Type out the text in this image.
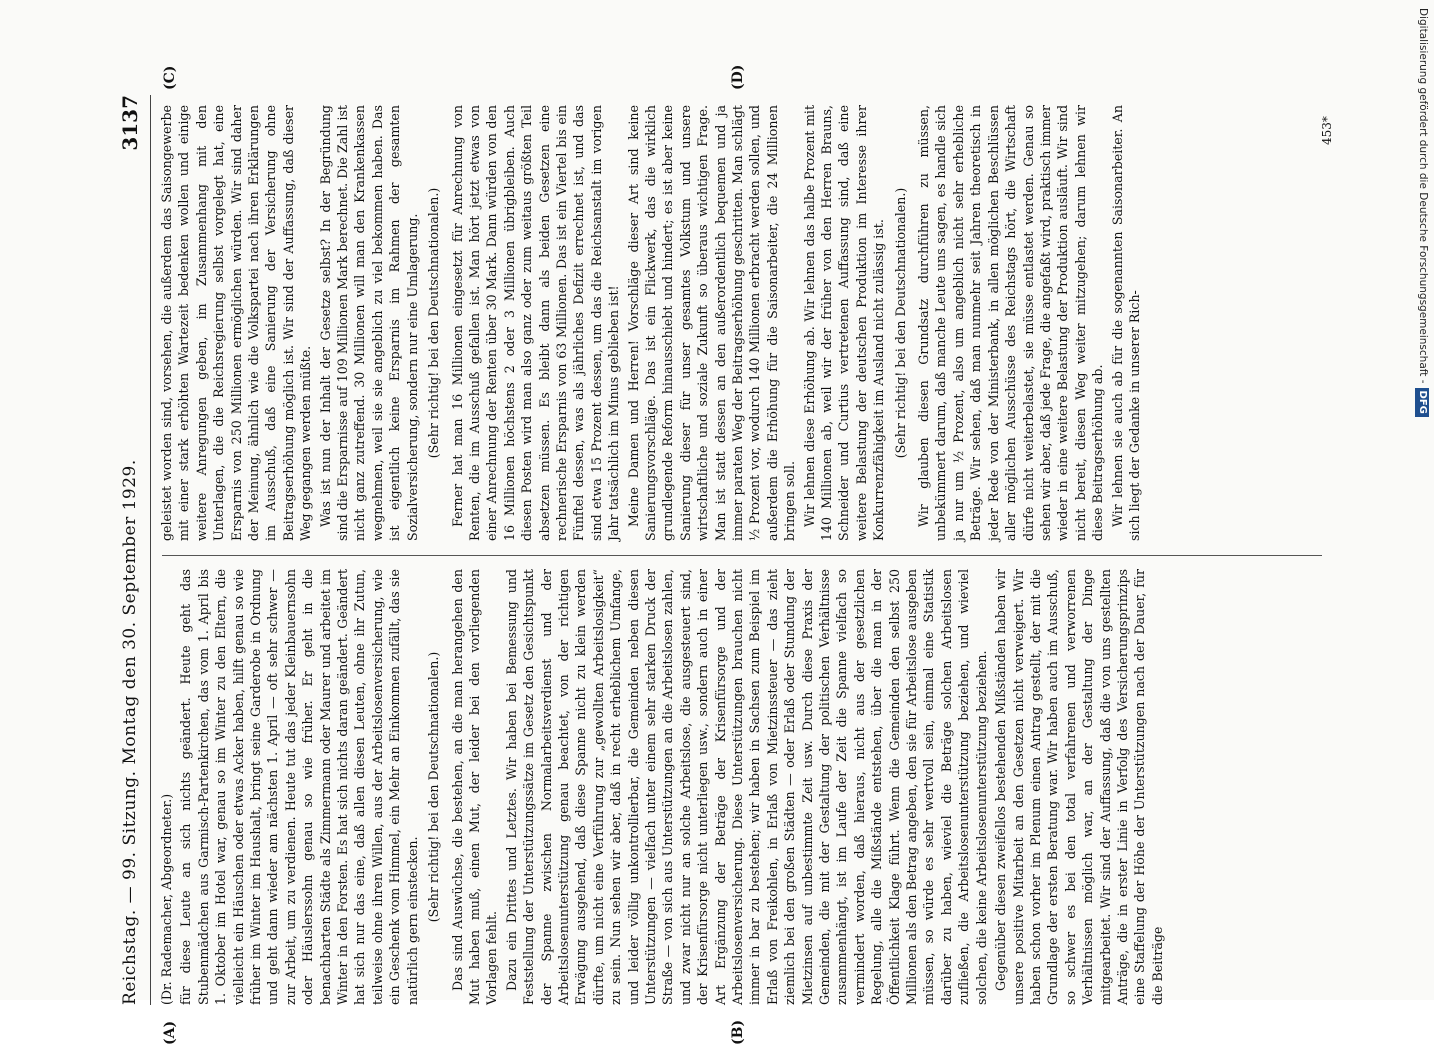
Reichstag. — 99. Sitzung. Montag den 30. September 1929.
3137
(A)	(B)
(C)	(D)

(Dr. Rademacher, Abgeordneter.) für diese Leute an sich nichts geändert. Heute geht das Stubenmädchen aus Garmisch-Partenkirchen, das vom 1. April bis 1. Oktober im Hotel war, genau so im Winter zu den Eltern, die vielleicht ein Häuschen oder etwas Acker haben, hilft genau so wie früher im Winter im Haushalt, bringt seine Garderobe in Ordnung und geht dann wieder am nächsten 1. April — oft sehr schwer — zur Arbeit, um zu verdienen. Heute tut das jeder Kleinbauernsohn oder Häuslerssohn genau so wie früher. Er geht in die benachbarten Städte als Zimmermann oder Maurer und arbeitet im Winter in den Forsten. Es hat sich nichts daran geändert. Geändert hat sich nur das eine, daß allen diesen Leuten, ohne ihr Zutun, teilweise ohne ihren Willen, aus der Arbeitslosenversicherung, wie ein Geschenk vom Himmel, ein Mehr an Einkommen zufällt, das sie natürlich gern einstecken. (Sehr richtig! bei den Deutschnationalen.) Das sind Auswüchse, die bestehen, an die man herangehen den Mut haben muß, einen Mut, der leider bei den vorliegenden Vorlagen fehlt. Dazu ein Drittes und Letztes. Wir haben bei Bemessung und Feststellung der Unterstützungssätze im Gesetz den Gesichtspunkt der Spanne zwischen Normalarbeitsverdienst und der Arbeitslosenunterstützung genau beachtet, von der richtigen Erwägung ausgehend, daß diese Spanne nicht zu klein werden dürfte, um nicht eine Verführung zur „gewollten Arbeitslosigkeit“ zu sein. Nun sehen wir aber, daß in recht erheblichem Umfange, und leider völlig unkontrollierbar, die Gemeinden neben diesen Unterstützungen — vielfach unter einem sehr starken Druck der Straße — von sich aus Unterstützungen an die Arbeitslosen zahlen, und zwar nicht nur an solche Arbeitslose, die ausgesteuert sind, der Krisenfürsorge nicht unterliegen usw., sondern auch in einer Art Ergänzung der Beträge der Krisenfürsorge und der Arbeitslosenversicherung. Diese Unterstützungen brauchen nicht immer in bar zu bestehen; wir haben in Sachsen zum Beispiel im Erlaß von Freikohlen, in Erlaß von Mietzinssteuer — das zieht ziemlich bei den großen Städten — oder Erlaß oder Stundung der Mietzinsen auf unbestimmte Zeit usw. Durch diese Praxis der Gemeinden, die mit der Gestaltung der politischen Verhältnisse zusammenhängt, ist im Laufe der Zeit die Spanne vielfach so vermindert worden, daß hieraus, nicht aus der gesetzlichen Regelung, alle die Mißstände entstehen, über die man in der Öffentlichkeit Klage führt. Wenn die Gemeinden den selbst 250 Millionen als den Betrag angeben, den sie für Arbeitslose ausgeben müssen, so würde es sehr wertvoll sein, einmal eine Statistik darüber zu haben, wieviel die Beträge solchen Arbeitslosen zufließen, die Arbeitslosenunterstützung beziehen, und wieviel solchen, die keine Arbeitslosenunterstützung beziehen. Gegenüber diesen zweifellos bestehenden Mißständen haben wir unsere positive Mitarbeit an den Gesetzen nicht verweigert. Wir haben schon vorher im Plenum einen Antrag gestellt, der mit die Grundlage der ersten Beratung war. Wir haben auch im Ausschuß, so schwer es bei den total verfahrenen und verworrenen Verhältnissen möglich war, an der Gestaltung der Dinge mitgearbeitet. Wir sind der Auffassung, daß die von uns gestellten Anträge, die in erster Linie in Verfolg des Versicherungsprinzips eine Staffelung der Höhe der Unterstützungen nach der Dauer, für die Beiträge

geleistet worden sind, vorsehen, die außerdem das Saisongewerbe mit einer stark erhöhten Wartezeit bedenken wollen und einige weitere Anregungen geben, im Zusammenhang mit den Unterlagen, die die Reichsregierung selbst vorgelegt hat, eine Ersparnis von 250 Millionen ermöglichen würden. Wir sind daher der Meinung, ähnlich wie die Volkspartei nach ihren Erklärungen im Ausschuß, daß eine Sanierung der Versicherung ohne Beitragserhöhung möglich ist. Wir sind der Auffassung, daß dieser Weg gegangen werden müßte. Was ist nun der Inhalt der Gesetze selbst? In der Begründung sind die Ersparnisse auf 109 Millionen Mark berechnet. Die Zahl ist nicht ganz zutreffend. 30 Millionen will man den Krankenkassen wegnehmen, weil sie sie angeblich zu viel bekommen haben. Das ist eigentlich keine Ersparnis im Rahmen der gesamten Sozialversicherung, sondern nur eine Umlagerung. (Sehr richtig! bei den Deutschnationalen.) Ferner hat man 16 Millionen eingesetzt für Anrechnung von Renten, die im Ausschuß gefallen ist. Man hört jetzt etwas von einer Anrechnung der Renten über 30 Mark. Dann würden von den 16 Millionen höchstens 2 oder 3 Millionen übrigbleiben. Auch diesen Posten wird man also ganz oder zum weitaus größten Teil absetzen müssen. Es bleibt dann als beiden Gesetzen eine rechnerische Ersparnis von 63 Millionen. Das ist ein Viertel bis ein Fünftel dessen, was als jährliches Defizit errechnet ist, und das sind etwa 15 Prozent dessen, um das die Reichsanstalt im vorigen Jahr tatsächlich im Minus geblieben ist! Meine Damen und Herren! Vorschläge dieser Art sind keine Sanierungsvorschläge. Das ist ein Flickwerk, das die wirklich grundlegende Reform hinausschiebt und hindert; es ist aber keine Sanierung dieser für unser gesamtes Volkstum und unsere wirtschaftliche und soziale Zukunft so überaus wichtigen Frage. Man ist statt dessen an den außerordentlich bequemen und ja immer paraten Weg der Beitragserhöhung geschritten. Man schlägt ½ Prozent vor, wodurch 140 Millionen erbracht werden sollen, und außerdem die Erhöhung für die Saisonarbeiter, die 24 Millionen bringen soll. Wir lehnen diese Erhöhung ab. Wir lehnen das halbe Prozent mit 140 Millionen ab, weil wir der früher von den Herren Brauns, Schneider und Curtius vertretenen Auffassung sind, daß eine weitere Belastung der deutschen Produktion im Interesse ihrer Konkurrenzfähigkeit im Ausland nicht zulässig ist. (Sehr richtig! bei den Deutschnationalen.) Wir glauben diesen Grundsatz durchführen zu müssen, unbekümmert darum, daß manche Leute uns sagen, es handle sich ja nur um ½ Prozent, also um angeblich nicht sehr erhebliche Beträge. Wir sehen, daß man nunmehr seit Jahren theoretisch in jeder Rede von der Ministerbank, in allen möglichen Beschlüssen aller möglichen Ausschüsse des Reichstags hört, die Wirtschaft dürfe nicht weiterbelastet, sie müsse entlastet werden. Genau so sehen wir aber, daß jede Frage, die angefaßt wird, praktisch immer wieder in eine weitere Belastung der Produktion ausläuft. Wir sind nicht bereit, diesen Weg weiter mitzugehen; darum lehnen wir diese Beitragserhöhung ab. Wir lehnen sie auch ab für die sogenannten Saisonarbeiter. An sich liegt der Gedanke in unserer Rich-

453*	Digitalisierung gefördert durch die Deutsche Forschungsgemeinschaft -DFG
